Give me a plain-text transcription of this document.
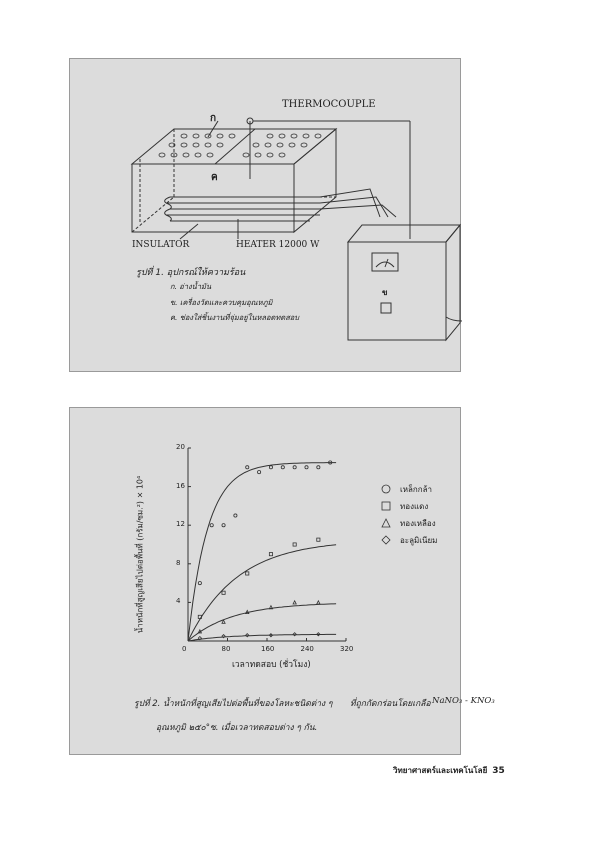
THERMOCOUPLE
ก
ค
INSULATOR	HEATER 12000 W
ข
รูปที่ 1. อุปกรณ์ให้ความร้อน
ก. อ่างน้ำมัน
ข. เครื่องวัดและควบคุมอุณหภูมิ
ค. ช่องใส่ชิ้นงานที่จุ่มอยู่ในหลอดทดสอบ
น้ำหนักที่สูญเสียไปต่อพื้นที่ (กรัม/ซม.²) × 10⁴
0	80	160	240	320
4
8
12
16
20
เวลาทดสอบ (ชั่วโมง)
เหล็กกล้า
ทองแดง
ทองเหลือง
อะลูมิเนียม
รูปที่ 2. น้ำหนักที่สูญเสียไปต่อพื้นที่ของโลหะชนิดต่าง ๆ ที่ถูกกัดกร่อนโดยเกลือ NaNO₃ - KNO₃
อุณหภูมิ ๒๕๐°ซ. เมื่อเวลาทดสอบต่าง ๆ กัน.
วิทยาศาสตร์และเทคโนโลยี 35
